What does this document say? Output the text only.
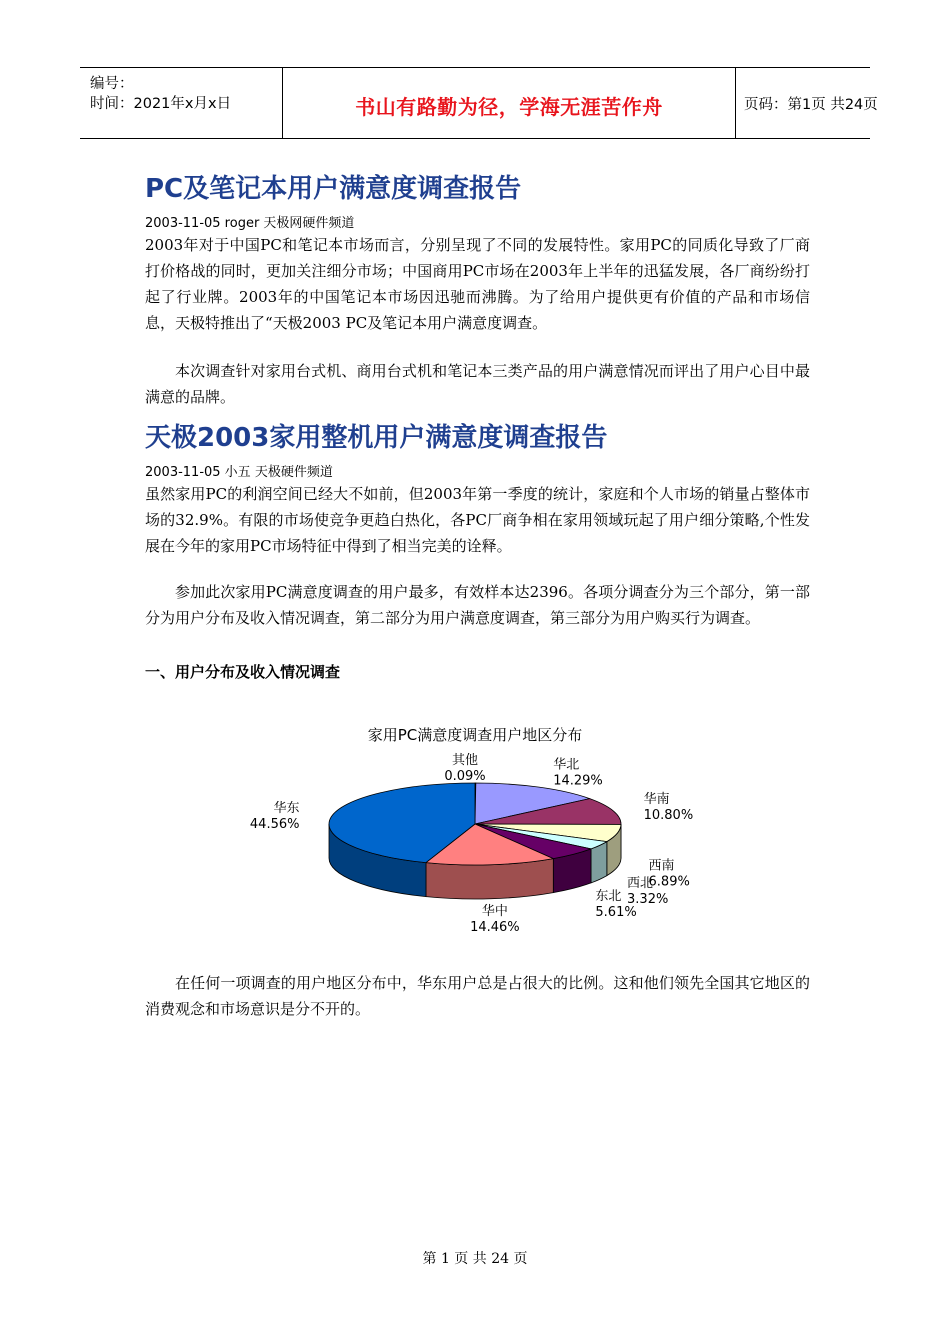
编号：
时间：2021年x月x日	书山有路勤为径，学海无涯苦作舟	页码：第1页 共24页
PC及笔记本用户满意度调查报告
2003-11-05 roger 天极网硬件频道

2003年对于中国PC和笔记本市场而言，分别呈现了不同的发展特性。家用PC的同质化导致了厂商打价格战的同时，更加关注细分市场；中国商用PC市场在2003年上半年的迅猛发展，各厂商纷纷打起了行业牌。2003年的中国笔记本市场因迅驰而沸腾。为了给用户提供更有价值的产品和市场信息，天极特推出了“天极2003 PC及笔记本用户满意度调查。

本次调查针对家用台式机、商用台式机和笔记本三类产品的用户满意情况而评出了用户心目中最满意的品牌。

天极2003家用整机用户满意度调查报告
2003-11-05 小五 天极硬件频道

虽然家用PC的利润空间已经大不如前，但2003年第一季度的统计，家庭和个人市场的销量占整体市场的32.9%。有限的市场使竞争更趋白热化，各PC厂商争相在家用领域玩起了用户细分策略,个性发展在今年的家用PC市场特征中得到了相当完美的诠释。

参加此次家用PC满意度调查的用户最多，有效样本达2396。各项分调查分为三个部分，第一部分为用户分布及收入情况调查，第二部分为用户满意度调查，第三部分为用户购买行为调查。

一、用户分布及收入情况调查
家用PC满意度调查用户地区分布
其他
0.09%
华北
14.29%
华南
10.80%
西南
6.89%
西北
3.32%
东北
5.61%
华中
14.46%
华东
44.56%

在任何一项调查的用户地区分布中，华东用户总是占很大的比例。这和他们领先全国其它地区的消费观念和市场意识是分不开的。

第 1 页 共 24 页
